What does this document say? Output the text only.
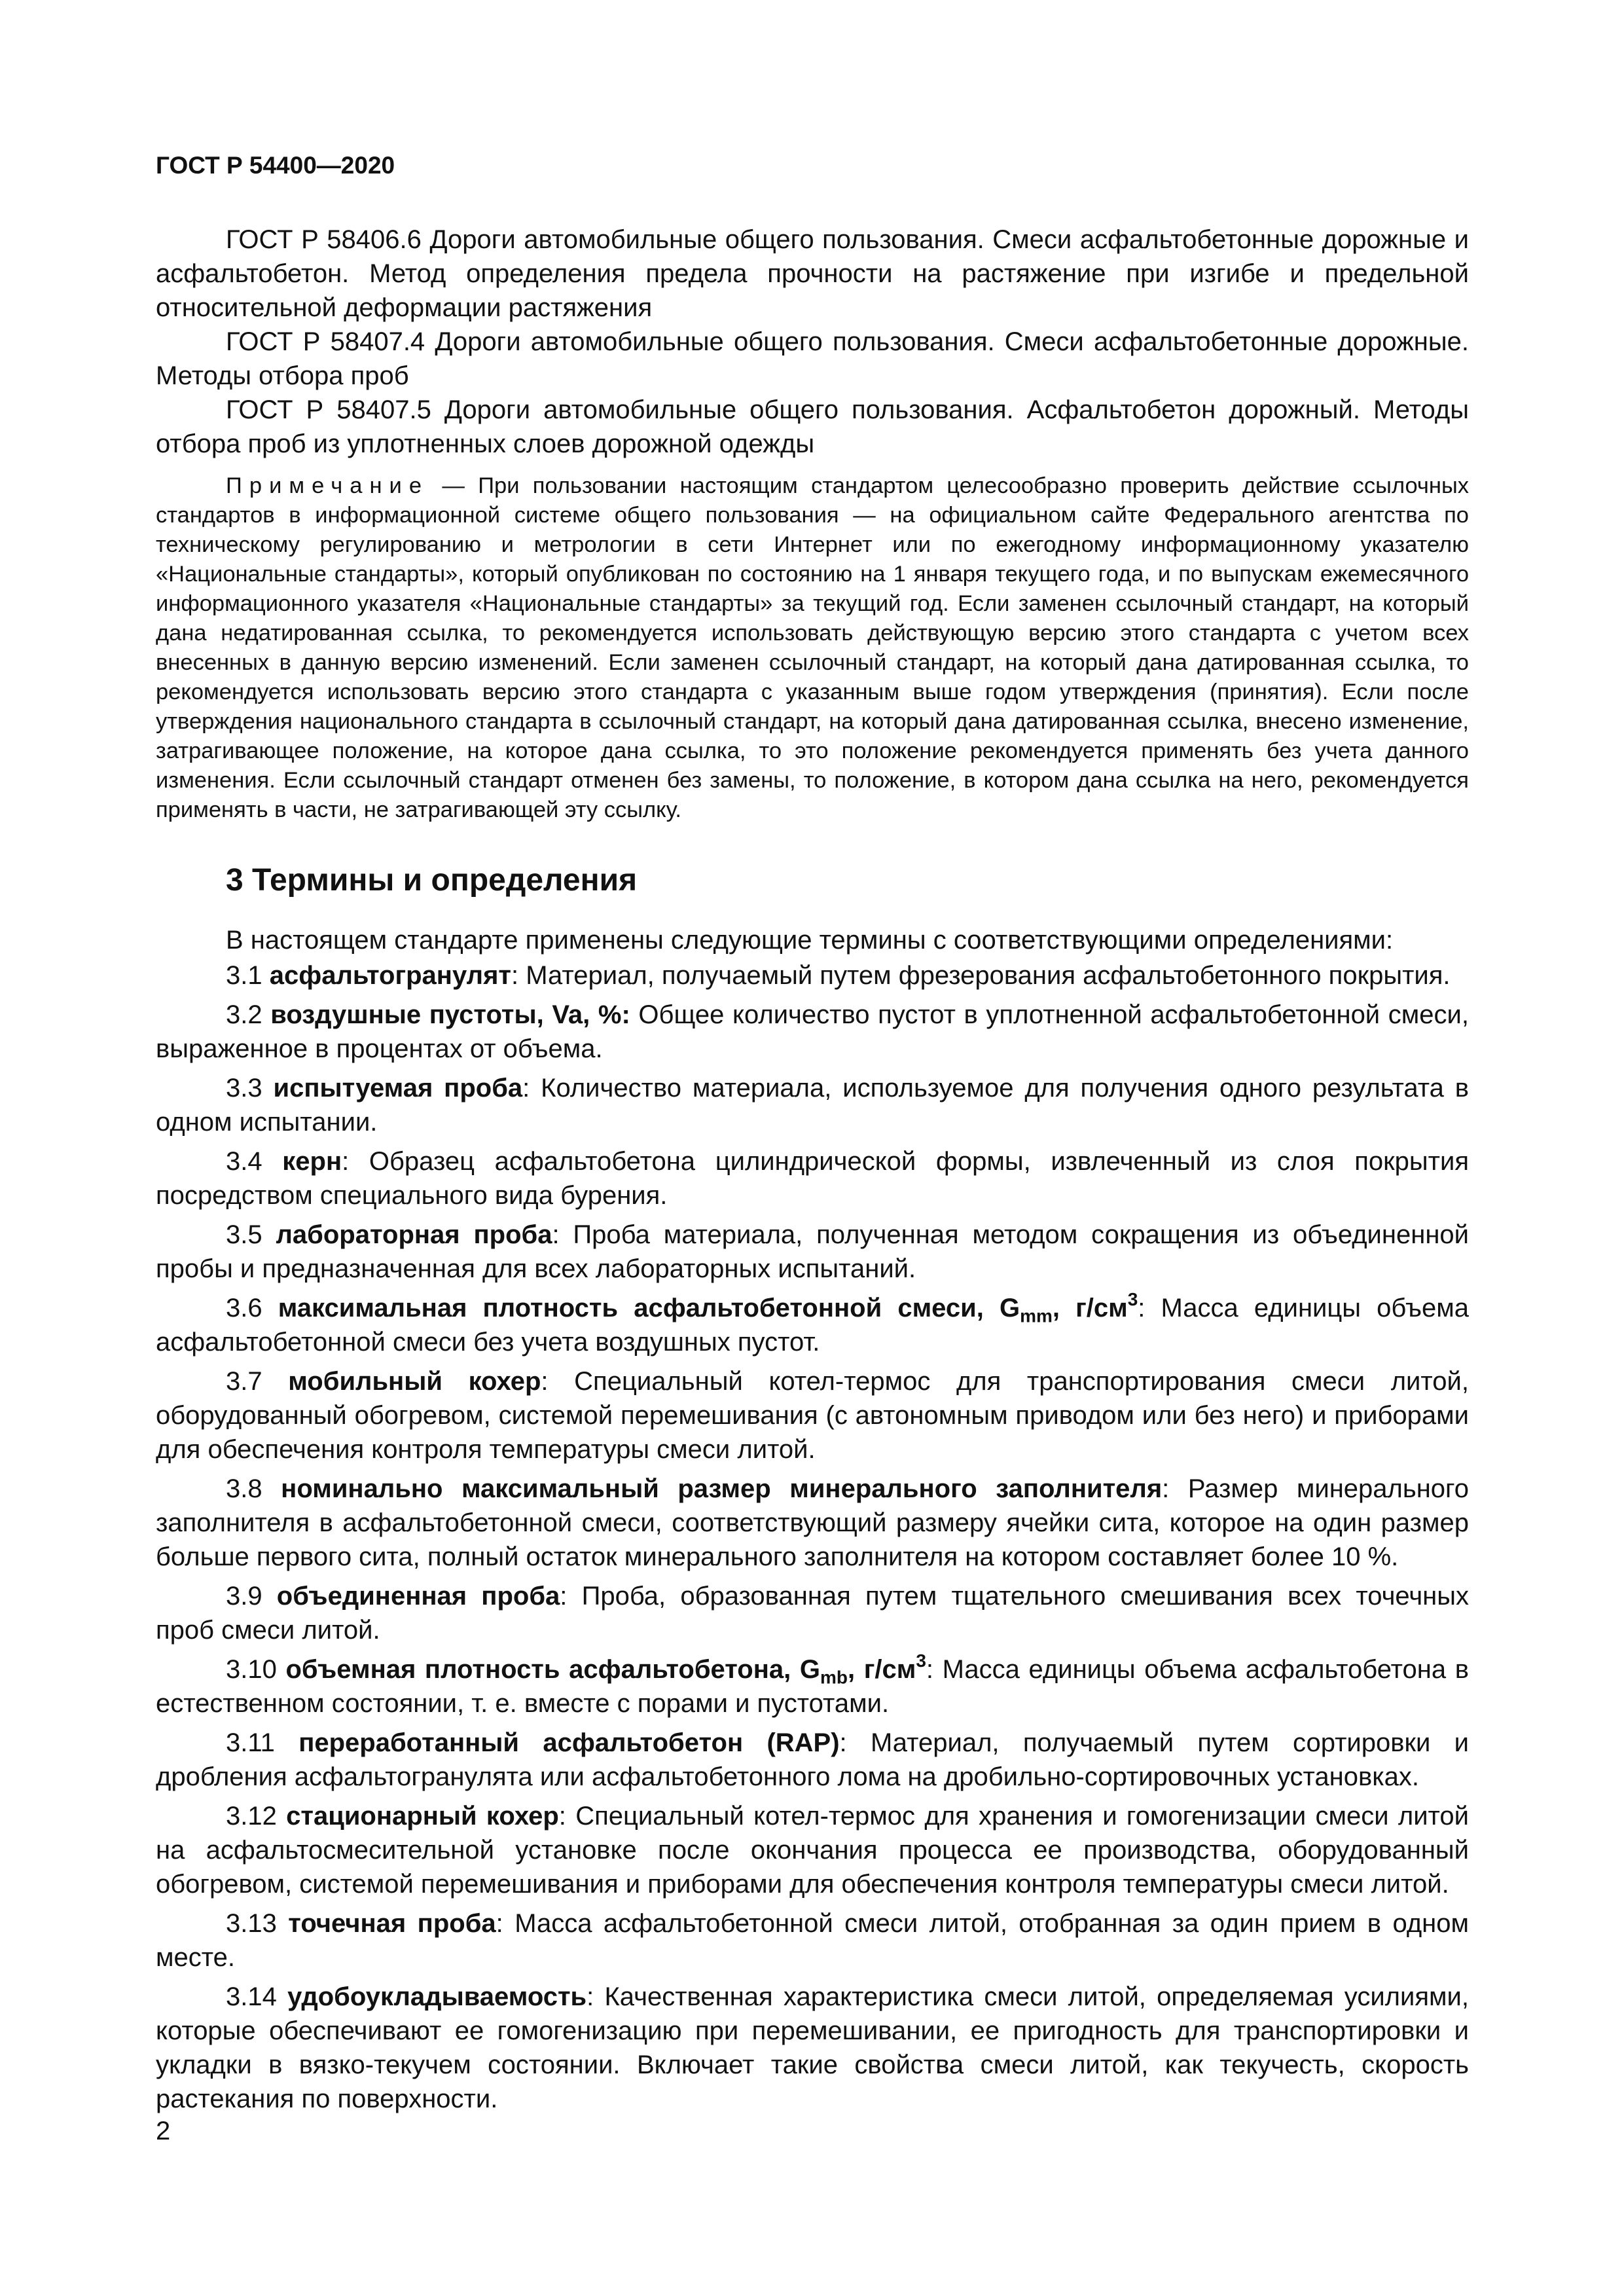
ГОСТ Р 54400—2020

ГОСТ Р 58406.6 Дороги автомобильные общего пользования. Смеси асфальтобетонные дорожные и асфальтобетон. Метод определения предела прочности на растяжение при изгибе и предельной относительной деформации растяжения

ГОСТ Р 58407.4 Дороги автомобильные общего пользования. Смеси асфальтобетонные дорожные. Методы отбора проб

ГОСТ Р 58407.5 Дороги автомобильные общего пользования. Асфальтобетон дорожный. Методы отбора проб из уплотненных слоев дорожной одежды

Примечание — При пользовании настоящим стандартом целесообразно проверить действие ссылочных стандартов в информационной системе общего пользования — на официальном сайте Федерального агентства по техническому регулированию и метрологии в сети Интернет или по ежегодному информационному указателю «Национальные стандарты», который опубликован по состоянию на 1 января текущего года, и по выпускам ежемесячного информационного указателя «Национальные стандарты» за текущий год. Если заменен ссылочный стандарт, на который дана недатированная ссылка, то рекомендуется использовать действующую версию этого стандарта с учетом всех внесенных в данную версию изменений. Если заменен ссылочный стандарт, на который дана датированная ссылка, то рекомендуется использовать версию этого стандарта с указанным выше годом утверждения (принятия). Если после утверждения национального стандарта в ссылочный стандарт, на который дана датированная ссылка, внесено изменение, затрагивающее положение, на которое дана ссылка, то это положение рекомендуется применять без учета данного изменения. Если ссылочный стандарт отменен без замены, то положение, в котором дана ссылка на него, рекомендуется применять в части, не затрагивающей эту ссылку.

3 Термины и определения

В настоящем стандарте применены следующие термины с соответствующими определениями:

3.1 асфальтогранулят: Материал, получаемый путем фрезерования асфальтобетонного покрытия.

3.2 воздушные пустоты, Va, %: Общее количество пустот в уплотненной асфальтобетонной смеси, выраженное в процентах от объема.

3.3 испытуемая проба: Количество материала, используемое для получения одного результата в одном испытании.

3.4 керн: Образец асфальтобетона цилиндрической формы, извлеченный из слоя покрытия посредством специального вида бурения.

3.5 лабораторная проба: Проба материала, полученная методом сокращения из объединенной пробы и предназначенная для всех лабораторных испытаний.

3.6 максимальная плотность асфальтобетонной смеси, $G_{mm}$, $г/см^3$: Масса единицы объема асфальтобетонной смеси без учета воздушных пустот.

3.7 мобильный кохер: Специальный котел-термос для транспортирования смеси литой, оборудованный обогревом, системой перемешивания (с автономным приводом или без него) и приборами для обеспечения контроля температуры смеси литой.

3.8 номинально максимальный размер минерального заполнителя: Размер минерального заполнителя в асфальтобетонной смеси, соответствующий размеру ячейки сита, которое на один размер больше первого сита, полный остаток минерального заполнителя на котором составляет более 10 %.

3.9 объединенная проба: Проба, образованная путем тщательного смешивания всех точечных проб смеси литой.

3.10 объемная плотность асфальтобетона, $G_{mb}$, $г/см^3$: Масса единицы объема асфальтобетона в естественном состоянии, т. е. вместе с порами и пустотами.

3.11 переработанный асфальтобетон (RAP): Материал, получаемый путем сортировки и дробления асфальтогранулята или асфальтобетонного лома на дробильно-сортировочных установках.

3.12 стационарный кохер: Специальный котел-термос для хранения и гомогенизации смеси литой на асфальтосмесительной установке после окончания процесса ее производства, оборудованный обогревом, системой перемешивания и приборами для обеспечения контроля температуры смеси литой.

3.13 точечная проба: Масса асфальтобетонной смеси литой, отобранная за один прием в одном месте.

3.14 удобоукладываемость: Качественная характеристика смеси литой, определяемая усилиями, которые обеспечивают ее гомогенизацию при перемешивании, ее пригодность для транспортировки и укладки в вязко-текучем состоянии. Включает такие свойства смеси литой, как текучесть, скорость растекания по поверхности.

2
